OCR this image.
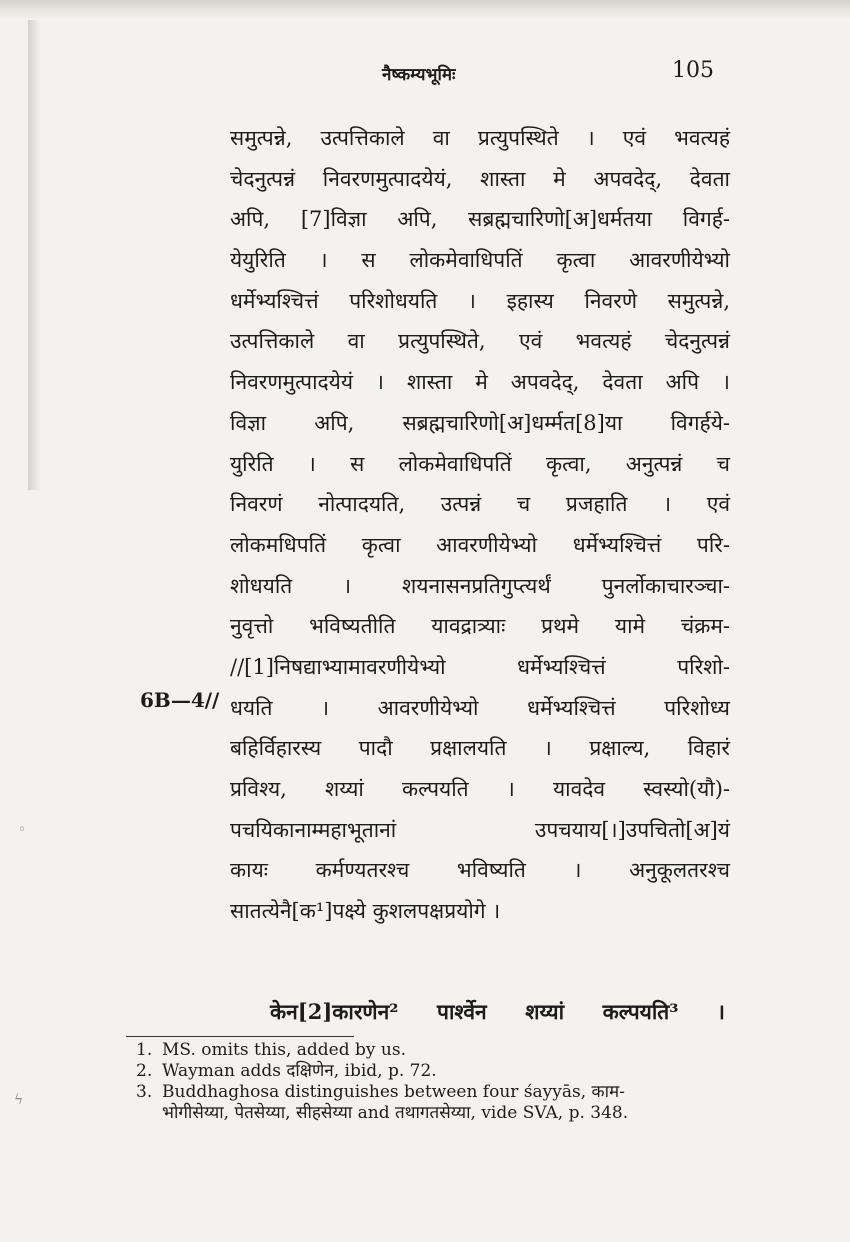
नैष्कम्यभूमिः	105
समुत्पन्ने, उत्पत्तिकाले वा प्रत्युपस्थिते । एवं भवत्यहं
चेदनुत्पन्नं निवरणमुत्पादयेयं, शास्ता मे अपवदेद्, देवता
अपि, [7]विज्ञा अपि, सब्रह्मचारिणो[अ]धर्मतया विगर्ह-
येयुरिति । स लोकमेवाधिपतिं कृत्वा आवरणीयेभ्यो
धर्मेभ्यश्चित्तं परिशोधयति । इहास्य निवरणे समुत्पन्ने,
उत्पत्तिकाले वा प्रत्युपस्थिते, एवं भवत्यहं चेदनुत्पन्नं
निवरणमुत्पादयेयं । शास्ता मे अपवदेद्, देवता अपि ।
विज्ञा अपि, सब्रह्मचारिणो[अ]धर्म्मत[8]या विगर्हये-
युरिति । स लोकमेवाधिपतिं कृत्वा, अनुत्पन्नं च
निवरणं नोत्पादयति, उत्पन्नं च प्रजहाति । एवं
लोकमधिपतिं कृत्वा आवरणीयेभ्यो धर्मेभ्यश्चित्तं परि-
शोधयति । शयनासनप्रतिगुप्त्यर्थं पुनर्लोकाचारञ्चा-
नुवृत्तो भविष्यतीति यावद्रात्र्याः प्रथमे यामे चंक्रम-
//[1]निषद्याभ्यामावरणीयेभ्यो धर्मेभ्यश्चित्तं परिशो-
धयति । आवरणीयेभ्यो धर्मेभ्यश्चित्तं परिशोध्य
बहिर्विहारस्य पादौ प्रक्षालयति । प्रक्षाल्य, विहारं
प्रविश्य, शय्यां कल्पयति । यावदेव स्वस्यो(यौ)-
पचयिकानाम्महाभूतानां उपचयाय[।]उपचितो[अ]यं
कायः कर्मण्यतरश्च भविष्यति । अनुकूलतरश्च
सातत्येनै[क¹]पक्ष्ये कुशलपक्षप्रयोगे ।
6B—4//
केन[2]कारणेन² पार्श्वेन शय्यां कल्पयति³ ।
1. MS. omits this, added by us.
2. Wayman adds दक्षिणेन, ibid, p. 72.
3. Buddhaghosa distinguishes between four śayyās, काम-
भोगीसेय्या, पेतसेय्या, सीहसेय्या and तथागतसेय्या, vide SVA, p. 348.
◦
ϟ
